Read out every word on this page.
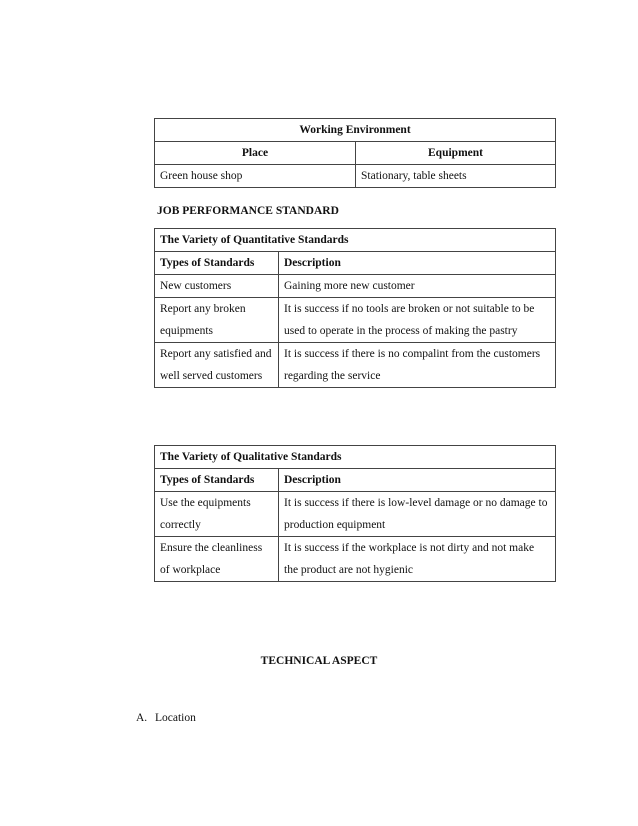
Working Environment	
Place	Equipment
Green house shop	Stationary, table sheets
JOB PERFORMANCE STANDARD
The Variety of Quantitative Standards	
Types of Standards	Description
New customers	Gaining more new customer
Report any broken equipments	It is success if no tools are broken or not suitable to be used to operate in the process of making the pastry
Report any satisfied and well served customers	It is success if there is no compalint from the customers regarding the service
The Variety of Qualitative Standards	
Types of Standards	Description
Use the equipments correctly	It is success if there is low-level damage or no damage to production equipment
Ensure the cleanliness of workplace	It is success if the workplace is not dirty and not make the product are not hygienic
TECHNICAL ASPECT
A. Location
